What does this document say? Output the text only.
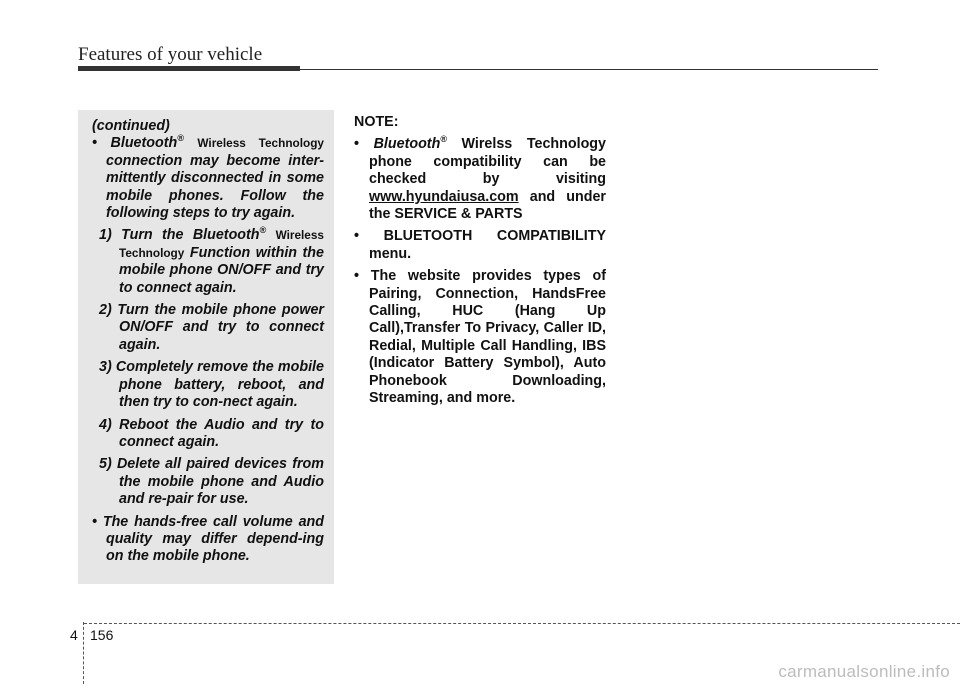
Features of your vehicle

(continued)

• Bluetooth® Wireless Technology connection may become inter-mittently disconnected in some mobile phones. Follow the following steps to try again.

1) Turn the Bluetooth® Wireless Technology Function within the mobile phone ON/OFF and try to connect again.

2) Turn the mobile phone power ON/OFF and try to connect again.

3) Completely remove the mobile phone battery, reboot, and then try to con-nect again.

4) Reboot the Audio and try to connect again.

5) Delete all paired devices from the mobile phone and Audio and re-pair for use.

• The hands-free call volume and quality may differ depend-ing on the mobile phone.

NOTE:

• Bluetooth® Wirelss Technology phone compatibility can be checked by visiting www.hyundaiusa.com and under the SERVICE & PARTS

• BLUETOOTH COMPATIBILITY menu.

• The website provides types of Pairing, Connection, HandsFree Calling, HUC (Hang Up Call),Transfer To Privacy, Caller ID, Redial, Multiple Call Handling, IBS (Indicator Battery Symbol), Auto Phonebook Downloading, Streaming, and more.

4 156
carmanualsonline.info
